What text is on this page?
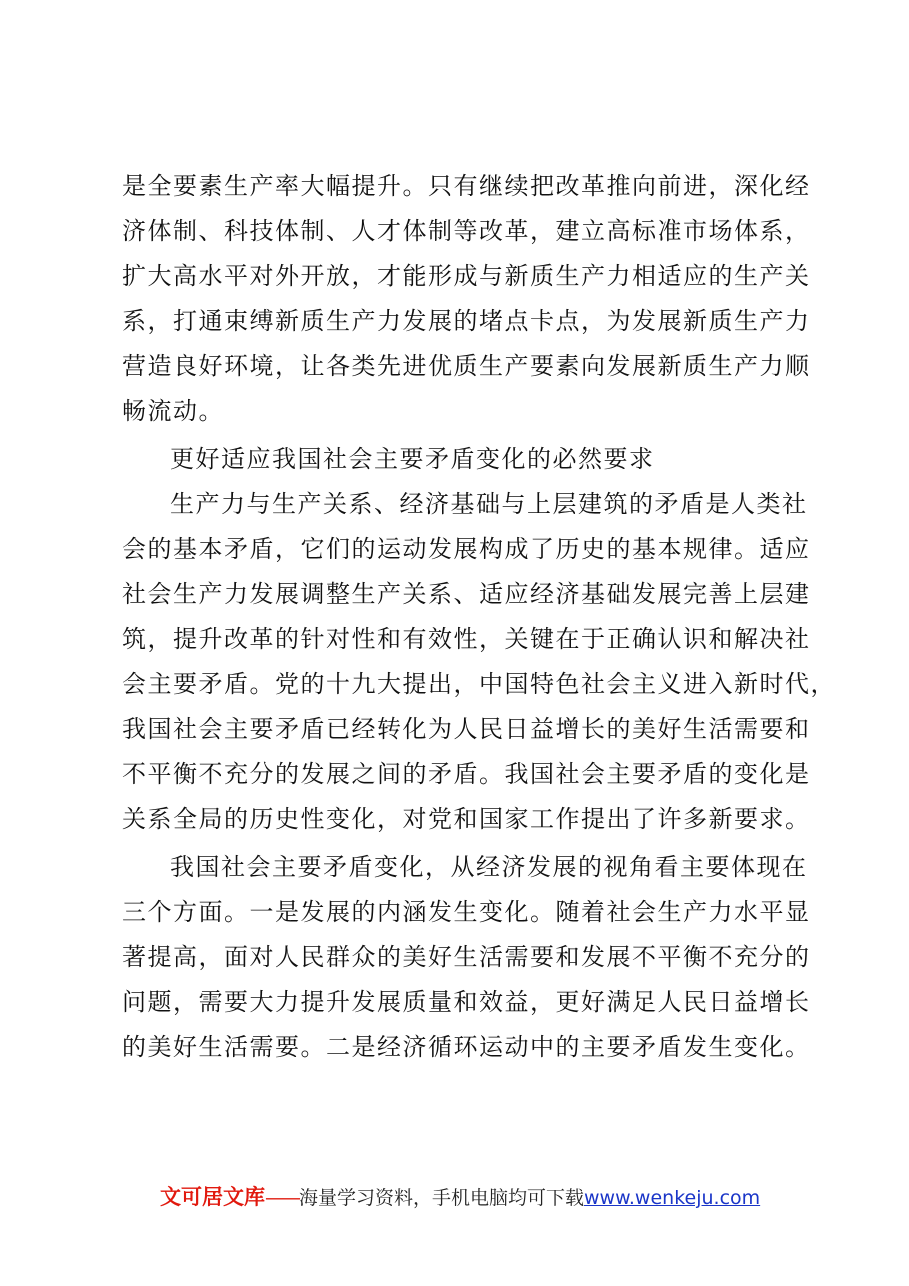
是全要素生产率大幅提升。只有继续把改革推向前进，深化经
济体制、科技体制、人才体制等改革，建立高标准市场体系，
扩大高水平对外开放，才能形成与新质生产力相适应的生产关
系，打通束缚新质生产力发展的堵点卡点，为发展新质生产力
营造良好环境，让各类先进优质生产要素向发展新质生产力顺
畅流动。
更好适应我国社会主要矛盾变化的必然要求
生产力与生产关系、经济基础与上层建筑的矛盾是人类社
会的基本矛盾，它们的运动发展构成了历史的基本规律。适应
社会生产力发展调整生产关系、适应经济基础发展完善上层建
筑，提升改革的针对性和有效性，关键在于正确认识和解决社
会主要矛盾。党的十九大提出，中国特色社会主义进入新时代，
我国社会主要矛盾已经转化为人民日益增长的美好生活需要和
不平衡不充分的发展之间的矛盾。我国社会主要矛盾的变化是
关系全局的历史性变化，对党和国家工作提出了许多新要求。
我国社会主要矛盾变化，从经济发展的视角看主要体现在
三个方面。一是发展的内涵发生变化。随着社会生产力水平显
著提高，面对人民群众的美好生活需要和发展不平衡不充分的
问题，需要大力提升发展质量和效益，更好满足人民日益增长
的美好生活需要。二是经济循环运动中的主要矛盾发生变化。
文可居文库——海量学习资料，手机电脑均可下载www.wenkeju.com
